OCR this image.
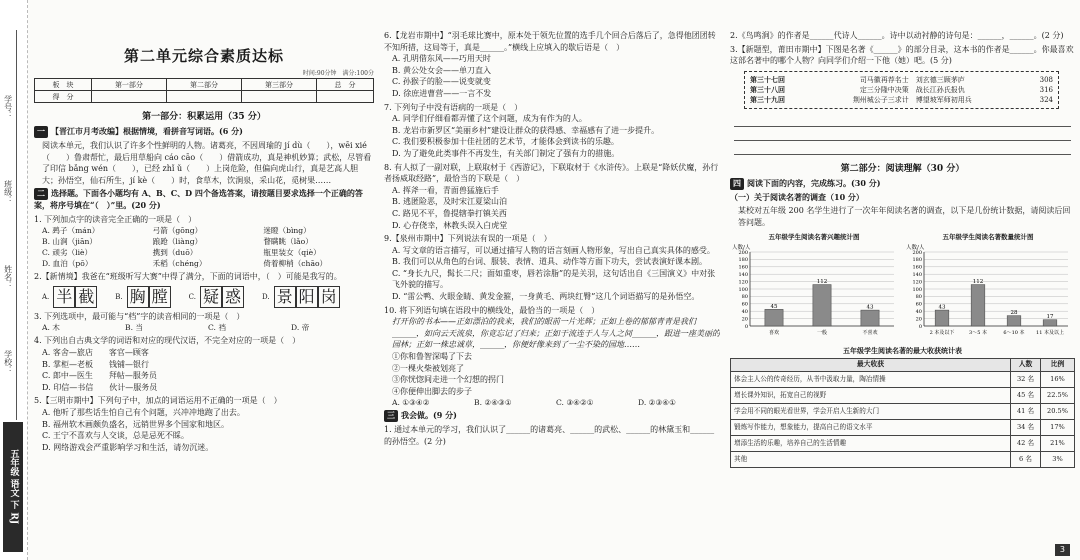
学号：
班级：
姓名：
学校：
五年级 语文 下 RJ
第二单元综合素质达标
时间:90分钟　满分:100分
板　块	第一部分	第二部分	第三部分	总　分
得　分				
第一部分：积累运用（35 分）
一 【晋江市月考改编】根据情境，看拼音写词语。(6 分)
阅读本单元，我们认识了许多个性鲜明的人物。诸葛亮，不因周瑜的 jí dù（　　），wēi xié（　　）鲁肃帮忙，最后用草船向 cáo cāo（　　）借箭成功，真是神机妙算；武松，尽管看了印信 bǎng wén（　　），已经 zhǐ ǔ（　　）上岗危险，但偏向虎山行，真是艺高人胆大；孙悟空，仙石所生，jí kè（　　）时，食草木，饮涧泉，采山花，觅树果……
二 选择题。下面各小题均有 A、B、C、D 四个备选答案，请按题目要求选择一个正确的答案，将序号填在“（　）”里。(20 分)
1. 下列加点字的读音完全正确的一项是（　）
A. 鹀子（mán）	弓箭（gōng）	迷瞪（bìng）
B. 山涧（jiān）	踉跄（liàng）	瞀瞒眺（lǎo）
C. 顽劣（liè）	携到（duō）	瓶里装女（qiè）
D. 血泊（pō）	禾稻（chéng）	倚着柳梢（chāo）
2.【新情境】我爸在“班级听写大赛”中得了满分，下面的词语中，（　）可能是我写的。
A. 半 截	B. 胸 膛	C. 疑 惑	D. 景 阳 岗
3. 下列选项中，最可能与“档”字的读音相同的一项是（　）
A. 木	B. 当	C. 裆	D. 帝
4. 下列出自古典文学的词语和对应的现代汉语，不完全对应的一项是（　）
A. 客舍—旅店　　客官—顾客
B. 掌柜—老板　　钱铺—银行
C. 郎中—医生　　拜帖—服务员
D. 印信—书信　　伙计—服务员
5.【三明市期中】下列句子中，加点的词语运用不正确的一项是（　）
A. 他听了那些话生怕自己有个问题，兴冲冲地跑了出去。
B. 福州软木画颇负盛名，远销世界多个国家和地区。
C. 王宁不喜欢与人交谈，总是忌死不睬。
D. 网络游戏会严重影响学习和生活，请勿沉迷。
6.【龙岩市期中】“羽毛球比赛中，原本处于领先位置的选手几个回合后落后了，急得他团团转不知所措，这局等于，真是______。”横线上应填入的歇后语是（　）
A. 孔明借东风——巧用天时
B. 黄公处女会——单刀直入
C. 孙猴子的脸——说变就变
D. 徐庶进曹营——一言不发
7. 下列句子中没有语病的一项是（　）
A. 同学们仔细看都弄懂了这个问题，成为有作为的人。
B. 龙岩市新罗区“美丽乡村”建设让群众的获得感、幸福感有了进一步提升。
C. 我们要积极参加十佳社团的艺术节，才能体会到读书的乐趣。
D. 为了避免此类事件不再发生，有关部门制定了强有力的措施。
8. 有人拟了一副对联，上联取材于《西游记》，下联取材于《水浒传》。上联是“降妖伏魔，孙行者扬威取经路”，最恰当的下联是（　）
A. 挥斧一看，青面兽猛施后手
B. 逃匿险恶，及时宋江夏梁山泊
C. 路见不平，鲁提辖拳打镇关西
D. 心存侥幸，林教头误入白虎堂
9.【泉州市期中】下列说法有误的一项是（　）
A. 写文章的语言描写，可以通过描写人物的语言刻画人物形象，写出自己真实具体的感受。
B. 我们可以从角色的台词、服装、表情、道具、动作等方面下功夫，尝试表演好课本剧。
C. “身长九尺，髯长二尺；面如重枣，唇若涂脂”的是关羽，这句话出自《三国演义》中对张飞外貌的描写。
D. “雷公鸭、火眼金睛、黄发金箍，一身黄毛、两块红臀”这几个词语描写的是孙悟空。
10. 将下列语句填在语段中的横线处，最恰当的一项是（　）
打开你的书本——正如漂泊的我来，我们的眼前一片光辉；正如上卷的郁郁青青是我们______，如向云天流泉，你竟忘记了归来；正如于流连于人与人之间______，跟进一座美丽的园林；正如一株忠诚草，______，你便好像来到了一尘不染的园地……
①你和鲁智深喝了下去
②一棵火柴被划亮了
③你恍惚间走进一个幻想的拐门
④你便伸出脚去的步子
A. ①③④②	B. ②④③①	C. ③④②①	D. ②③④①
三 我会做。(9 分)
1. 通过本单元的学习，我们认识了______的诸葛亮、______的武松、______的林黛玉和______的孙悟空。(2 分)
2.《鸟鸣涧》的作者是______代诗人______。诗中以动衬静的诗句是：______，______。(2 分)
3.【新题型，莆田市期中】下图是名著《______》的部分目录，这本书的作者是______。你最喜欢这部名著中的哪个人物？向同学们介绍一下他（她）吧。(5 分)
第三十七回	司马徽再荐名士　刘玄德三顾茅庐	308
第三十八回	定三分隆中决策　战长江孙氏报仇	316
第三十九回	荆州城公子三求计　博望坡军师初用兵	324
第二部分：阅读理解（30 分）
四 阅读下面的内容，完成练习。(30 分)
（一）关于阅读名著的调查（10 分）
某校对五年级 200 名学生进行了一次年年阅读名著的调查，以下是几份统计数据，请阅读后回答问题。
五年级学生阅读名著兴趣统计图
人数/人
0
20
40
60
80
100
120
140
160
180
200
45
喜欢
112
一般
43
不喜欢
五年级学生阅读名著数量统计图
人数/人
0
20
40
60
80
100
120
140
160
180
200
43
2 本及以下
112
3～5 本
28
6～10 本
17
11 本及以上
五年级学生阅读名著的最大收获统计表
最大收获	人数	比例
体会主人公的传奇经历，从书中汲取力量，陶冶情操	32 名	16%
增长课外知识，拓宽自己的视野	45 名	22.5%
学会用不同的眼光看世界，学会开启人生新的大门	41 名	20.5%
锻炼写作能力，想象能力，提高自己的语文水平	34 名	17%
增添生活的乐趣，培养自己的生活情趣	42 名	21%
其他	6 名	3%
3
